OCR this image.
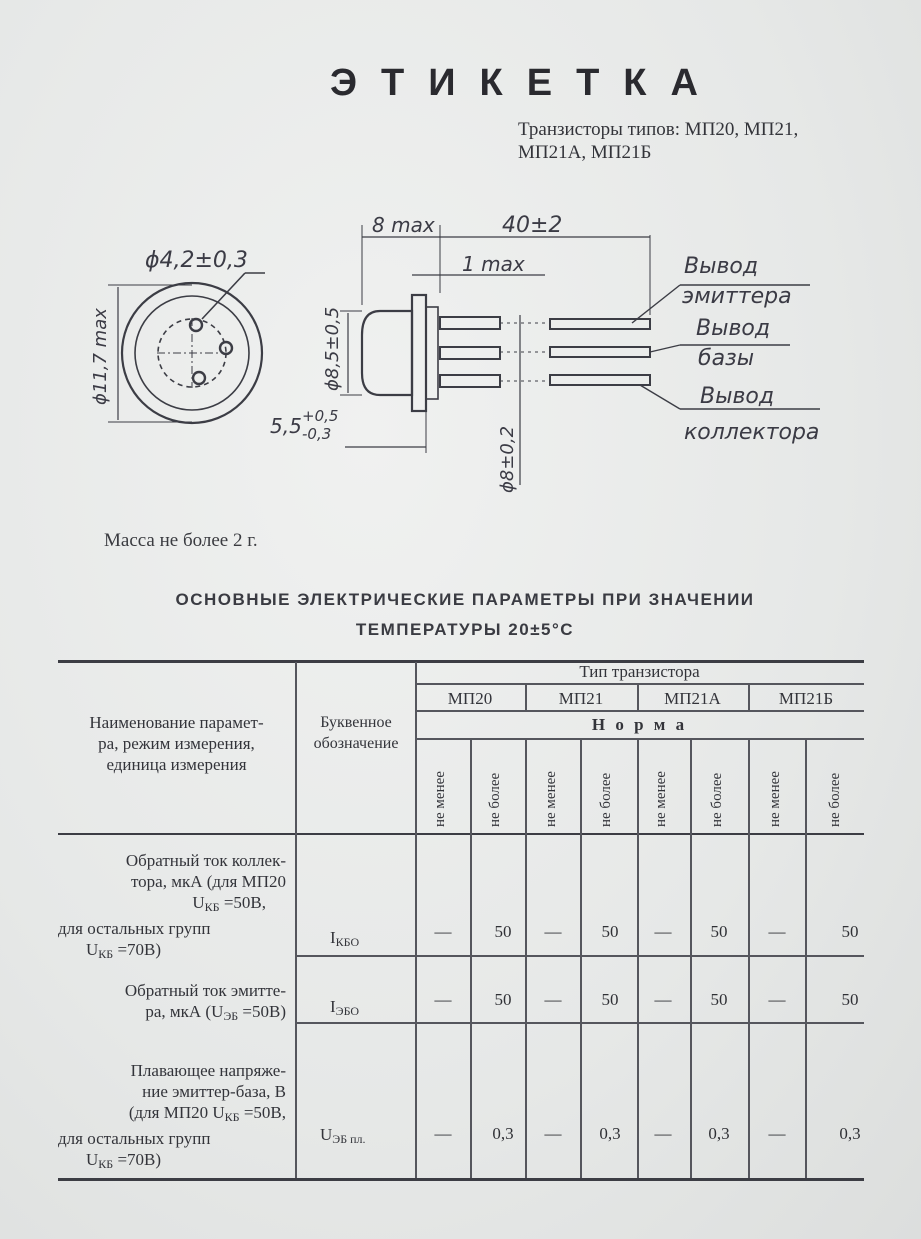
ЭТИКЕТКА
Транзисторы типов: МП20, МП21,
МП21А, МП21Б
ϕ4,2±0,3
ϕ11,7 max
8 max	40±2
1 max
ϕ8,5±0,5
5,5 +0,5
-0,3	ϕ8±0,2
Вывод
эмиттера
Вывод
базы
Вывод
коллектора
Масса не более 2 г.
ОСНОВНЫЕ ЭЛЕКТРИЧЕСКИЕ ПАРАМЕТРЫ ПРИ ЗНАЧЕНИИ
ТЕМПЕРАТУРЫ 20±5°С
Наименование парамет-
ра, режим измерения,
единица измерения
Буквенное
обозначение
Тип транзистора
МП20	МП21	МП21А	МП21Б
Н о р м а
не менее	не более	не менее	не более	не менее	не более	не менее	не более
Обратный ток коллек-
тора, мкА (для МП20
$U_{КБ} =50В$,
для остальных групп
$U_{КБ} =70В$)
$I_{КБО}$
—	50	—	50	—	50	—	50
Обратный ток эмитте-
ра, мкА $(U_{ЭБ} =50В)$	$I_{ЭБО}$
—	50	—	50	—	50	—	50
Плавающее напряже-
ние эмиттер-база, В
(для МП20 $U_{КБ} =50В$,
для остальных групп
$U_{КБ} =70В$)
$U_{ЭБ пл.}$	—	0,3	—	0,3	—	0,3	—	0,3
